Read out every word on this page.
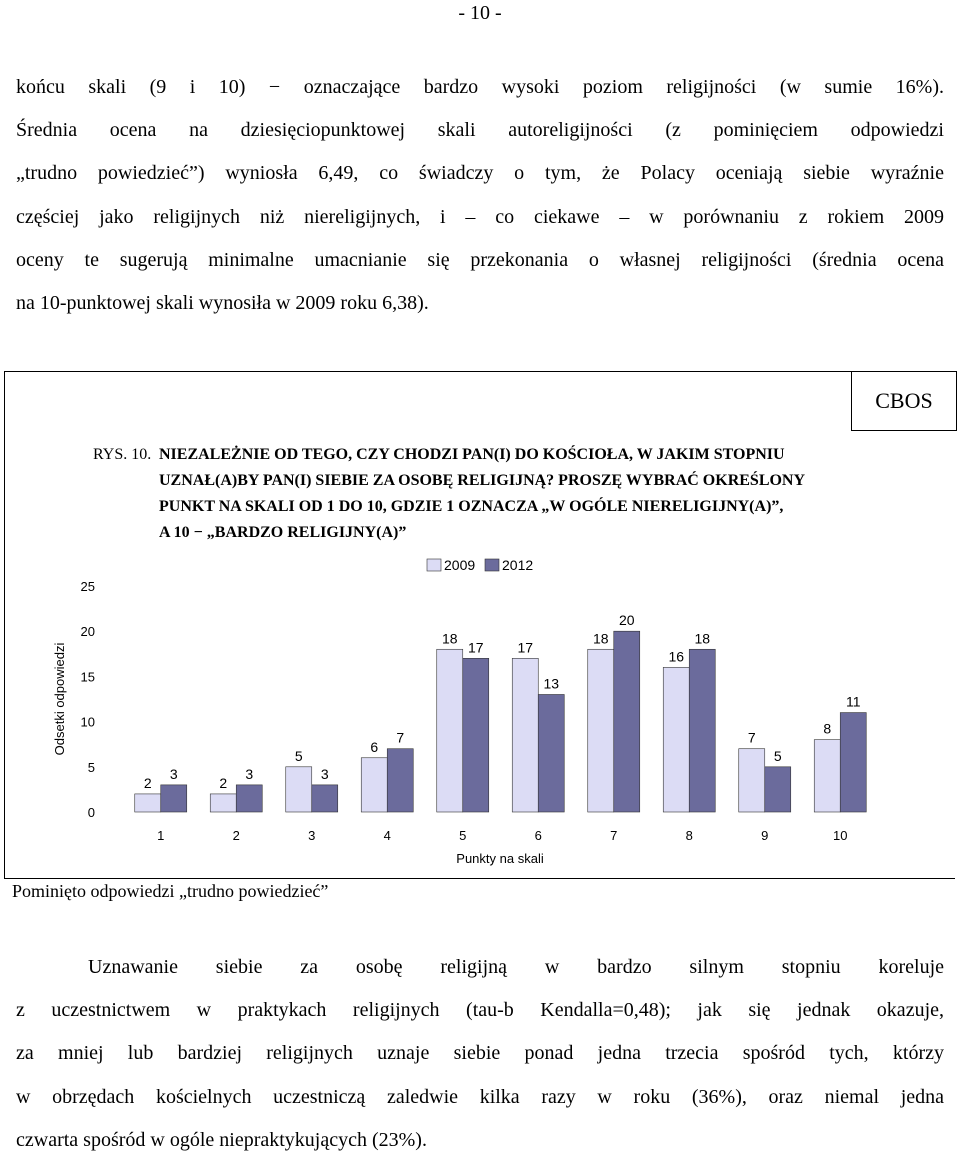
- 10 -
końcu skali (9 i 10) − oznaczające bardzo wysoki poziom religijności (w sumie 16%).
Średnia ocena na dziesięciopunktowej skali autoreligijności (z pominięciem odpowiedzi
„trudno powiedzieć”) wyniosła 6,49, co świadczy o tym, że Polacy oceniają siebie wyraźnie
częściej jako religijnych niż niereligijnych, i – co ciekawe – w porównaniu z rokiem 2009
oceny te sugerują minimalne umacnianie się przekonania o własnej religijności (średnia ocena
na 10-punktowej skali wynosiła w 2009 roku 6,38).
CBOS
RYS. 10. NIEZALEŻNIE OD TEGO, CZY CHODZI PAN(I) DO KOŚCIOŁA, W JAKIM STOPNIU
UZNAŁ(A)BY PAN(I) SIEBIE ZA OSOBĘ RELIGIJNĄ? PROSZĘ WYBRAĆ OKREŚLONY
PUNKT NA SKALI OD 1 DO 10, GDZIE 1 OZNACZA „W OGÓLE NIERELIGIJNY(A)”,
A 10 − „BARDZO RELIGIJNY(A)”
0
5
10
15
20
25
Odsetki odpowiedzi
2
3
1
2
3
2
5
3
3
6
7
4
18
17
5
17
13
6
18
20
7
16
18
8
7
5
9
8
11
10
Punkty na skali
2009 2012
Pominięto odpowiedzi „trudno powiedzieć”
Uznawanie siebie za osobę religijną w bardzo silnym stopniu koreluje
z uczestnictwem w praktykach religijnych (tau-b Kendalla=0,48); jak się jednak okazuje,
za mniej lub bardziej religijnych uznaje siebie ponad jedna trzecia spośród tych, którzy
w obrzędach kościelnych uczestniczą zaledwie kilka razy w roku (36%), oraz niemal jedna
czwarta spośród w ogóle niepraktykujących (23%).
